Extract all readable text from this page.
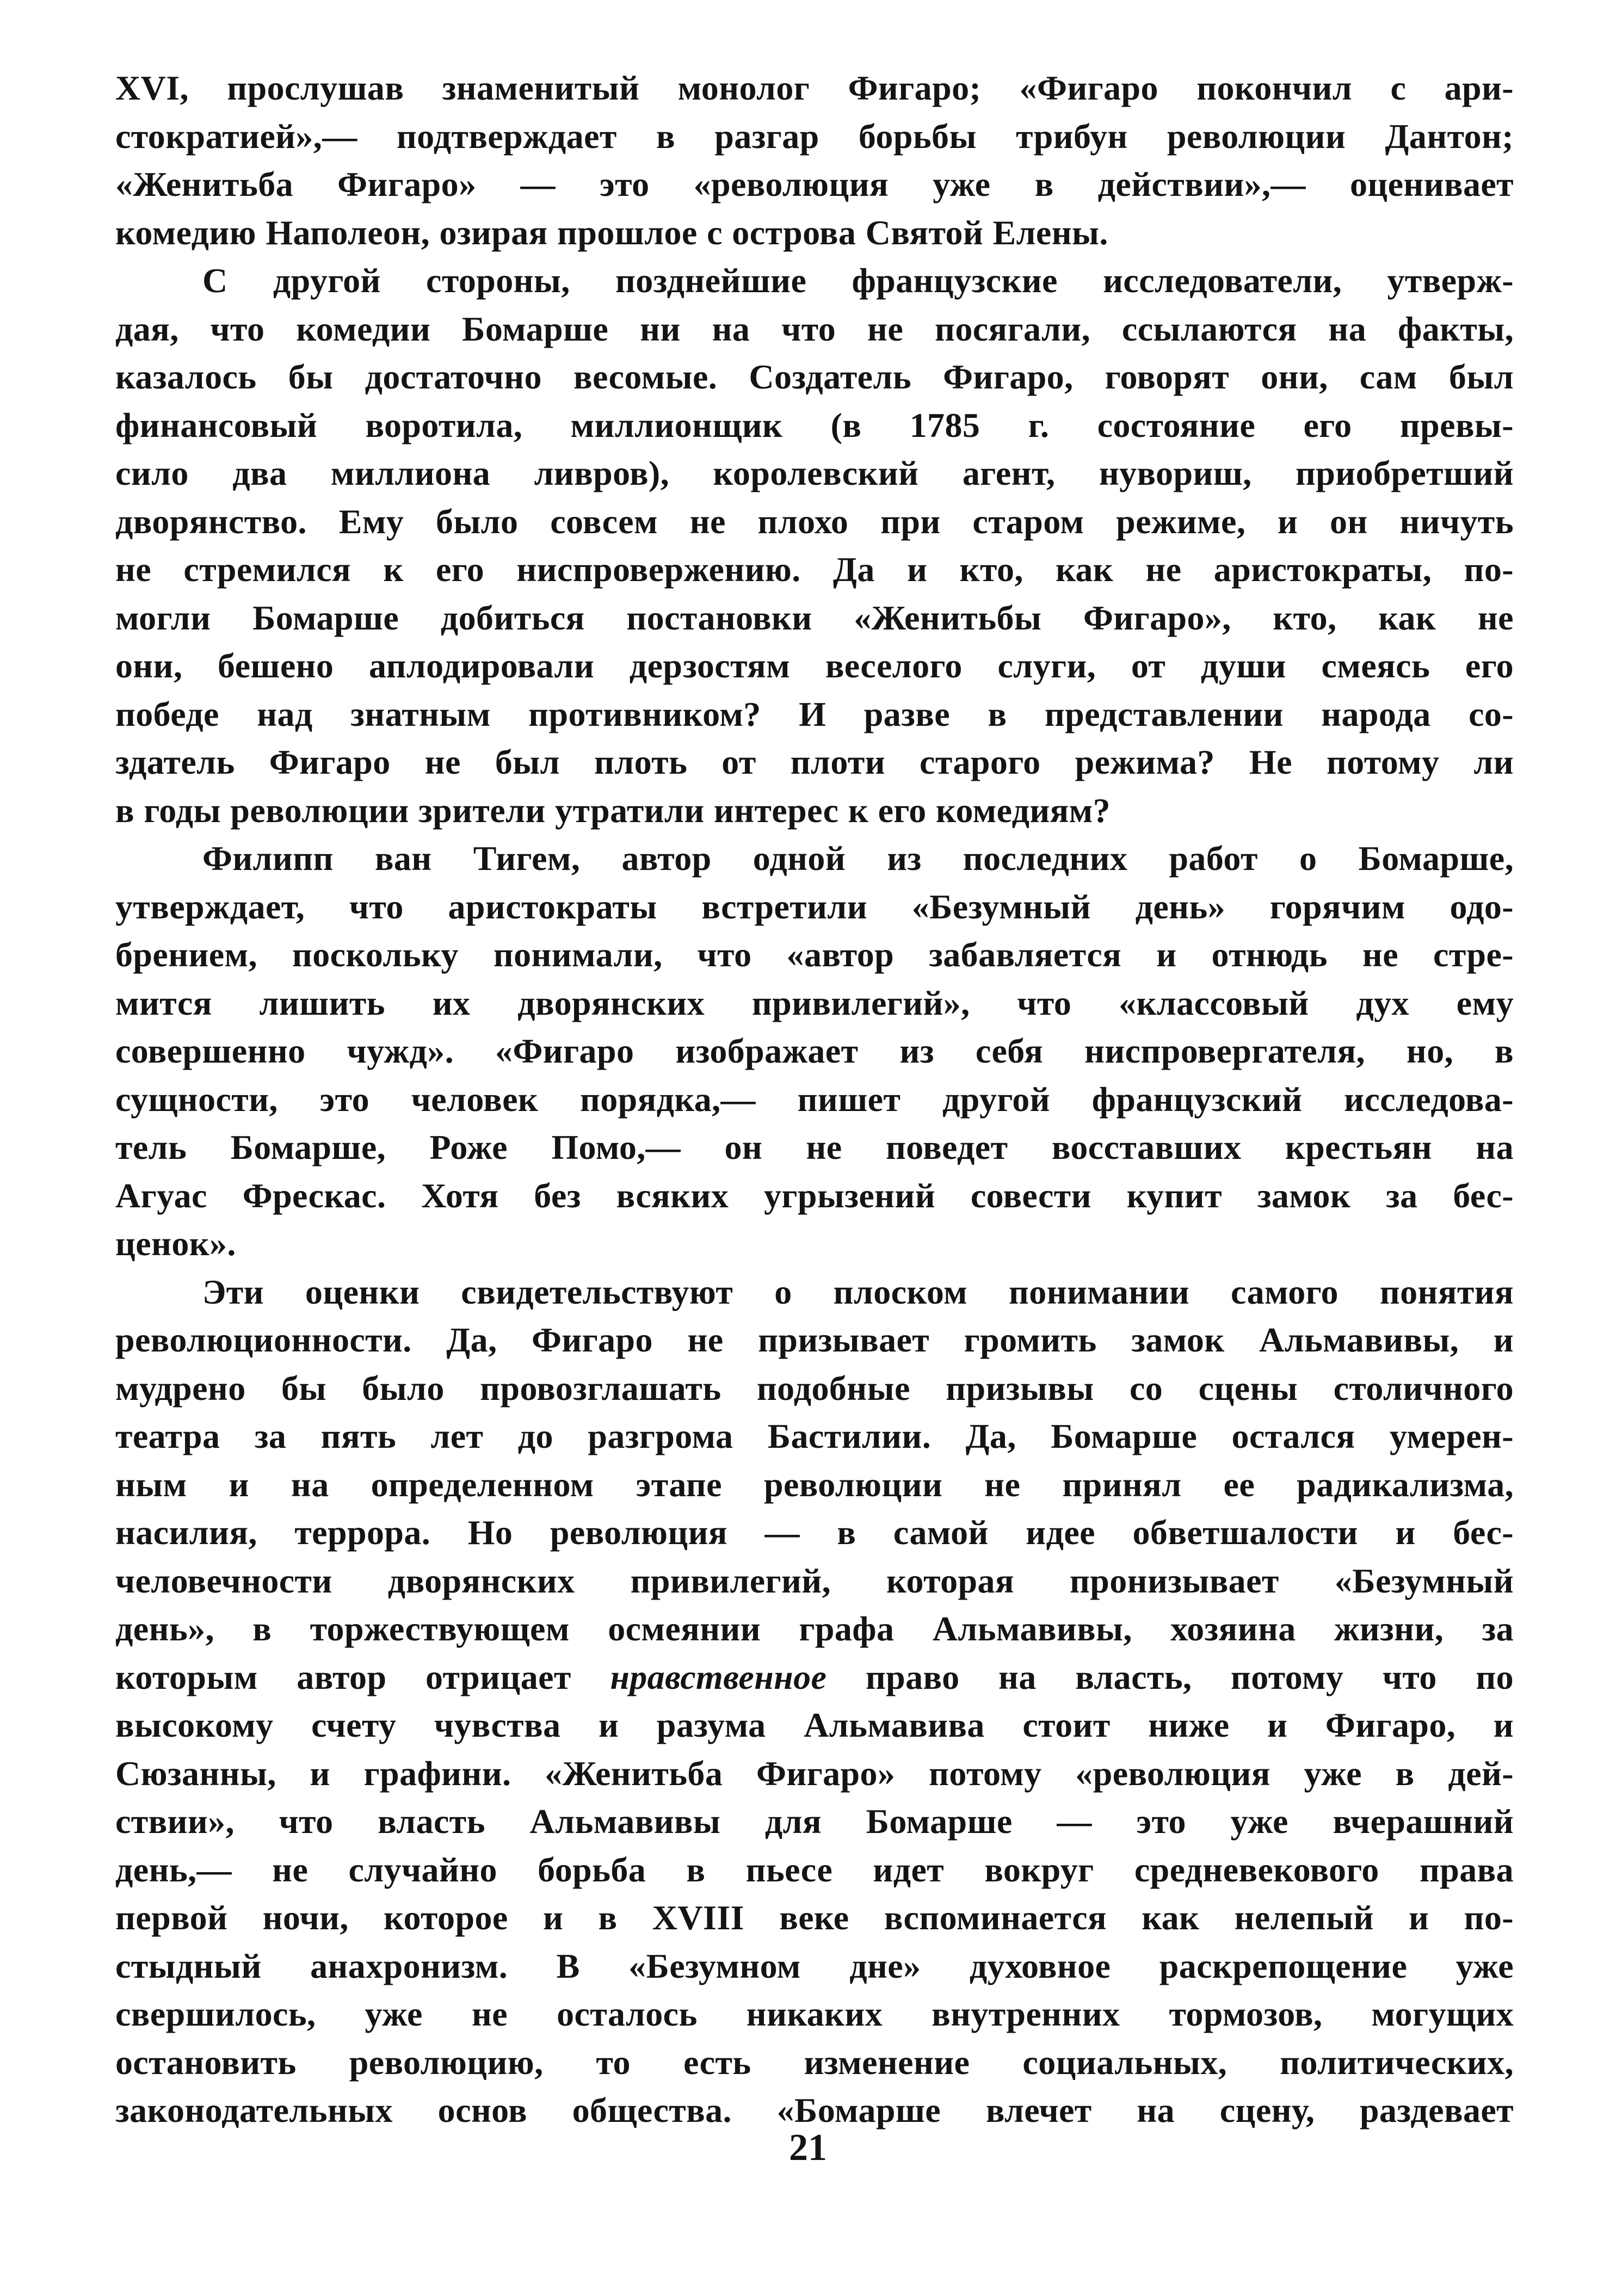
XVI, прослушав знаменитый монолог Фигаро; «Фигаро покончил с ари-
стократией»,— подтверждает в разгар борьбы трибун революции Дантон;
«Женитьба Фигаро» — это «революция уже в действии»,— оценивает
комедию Наполеон, озирая прошлое с острова Святой Елены.
С другой стороны, позднейшие французские исследователи, утверж-
дая, что комедии Бомарше ни на что не посягали, ссылаются на факты,
казалось бы достаточно весомые. Создатель Фигаро, говорят они, сам был
финансовый воротила, миллионщик (в 1785 г. состояние его превы-
сило два миллиона ливров), королевский агент, нувориш, приобретший
дворянство. Ему было совсем не плохо при старом режиме, и он ничуть
не стремился к его ниспровержению. Да и кто, как не аристократы, по-
могли Бомарше добиться постановки «Женитьбы Фигаро», кто, как не
они, бешено аплодировали дерзостям веселого слуги, от души смеясь его
победе над знатным противником? И разве в представлении народа со-
здатель Фигаро не был плоть от плоти старого режима? Не потому ли
в годы революции зрители утратили интерес к его комедиям?
Филипп ван Тигем, автор одной из последних работ о Бомарше,
утверждает, что аристократы встретили «Безумный день» горячим одо-
брением, поскольку понимали, что «автор забавляется и отнюдь не стре-
мится лишить их дворянских привилегий», что «классовый дух ему
совершенно чужд». «Фигаро изображает из себя ниспровергателя, но, в
сущности, это человек порядка,— пишет другой французский исследова-
тель Бомарше, Роже Помо,— он не поведет восставших крестьян на
Агуас Фрескас. Хотя без всяких угрызений совести купит замок за бес-
ценок».
Эти оценки свидетельствуют о плоском понимании самого понятия
революционности. Да, Фигаро не призывает громить замок Альмавивы, и
мудрено бы было провозглашать подобные призывы со сцены столичного
театра за пять лет до разгрома Бастилии. Да, Бомарше остался умерен-
ным и на определенном этапе революции не принял ее радикализма,
насилия, террора. Но революция — в самой идее обветшалости и бес-
человечности дворянских привилегий, которая пронизывает «Безумный
день», в торжествующем осмеянии графа Альмавивы, хозяина жизни, за
которым автор отрицает нравственное право на власть, потому что по
высокому счету чувства и разума Альмавива стоит ниже и Фигаро, и
Сюзанны, и графини. «Женитьба Фигаро» потому «революция уже в дей-
ствии», что власть Альмавивы для Бомарше — это уже вчерашний
день,— не случайно борьба в пьесе идет вокруг средневекового права
первой ночи, которое и в XVIII веке вспоминается как нелепый и по-
стыдный анахронизм. В «Безумном дне» духовное раскрепощение уже
свершилось, уже не осталось никаких внутренних тормозов, могущих
остановить революцию, то есть изменение социальных, политических,
законодательных основ общества. «Бомарше влечет на сцену, раздевает
21
